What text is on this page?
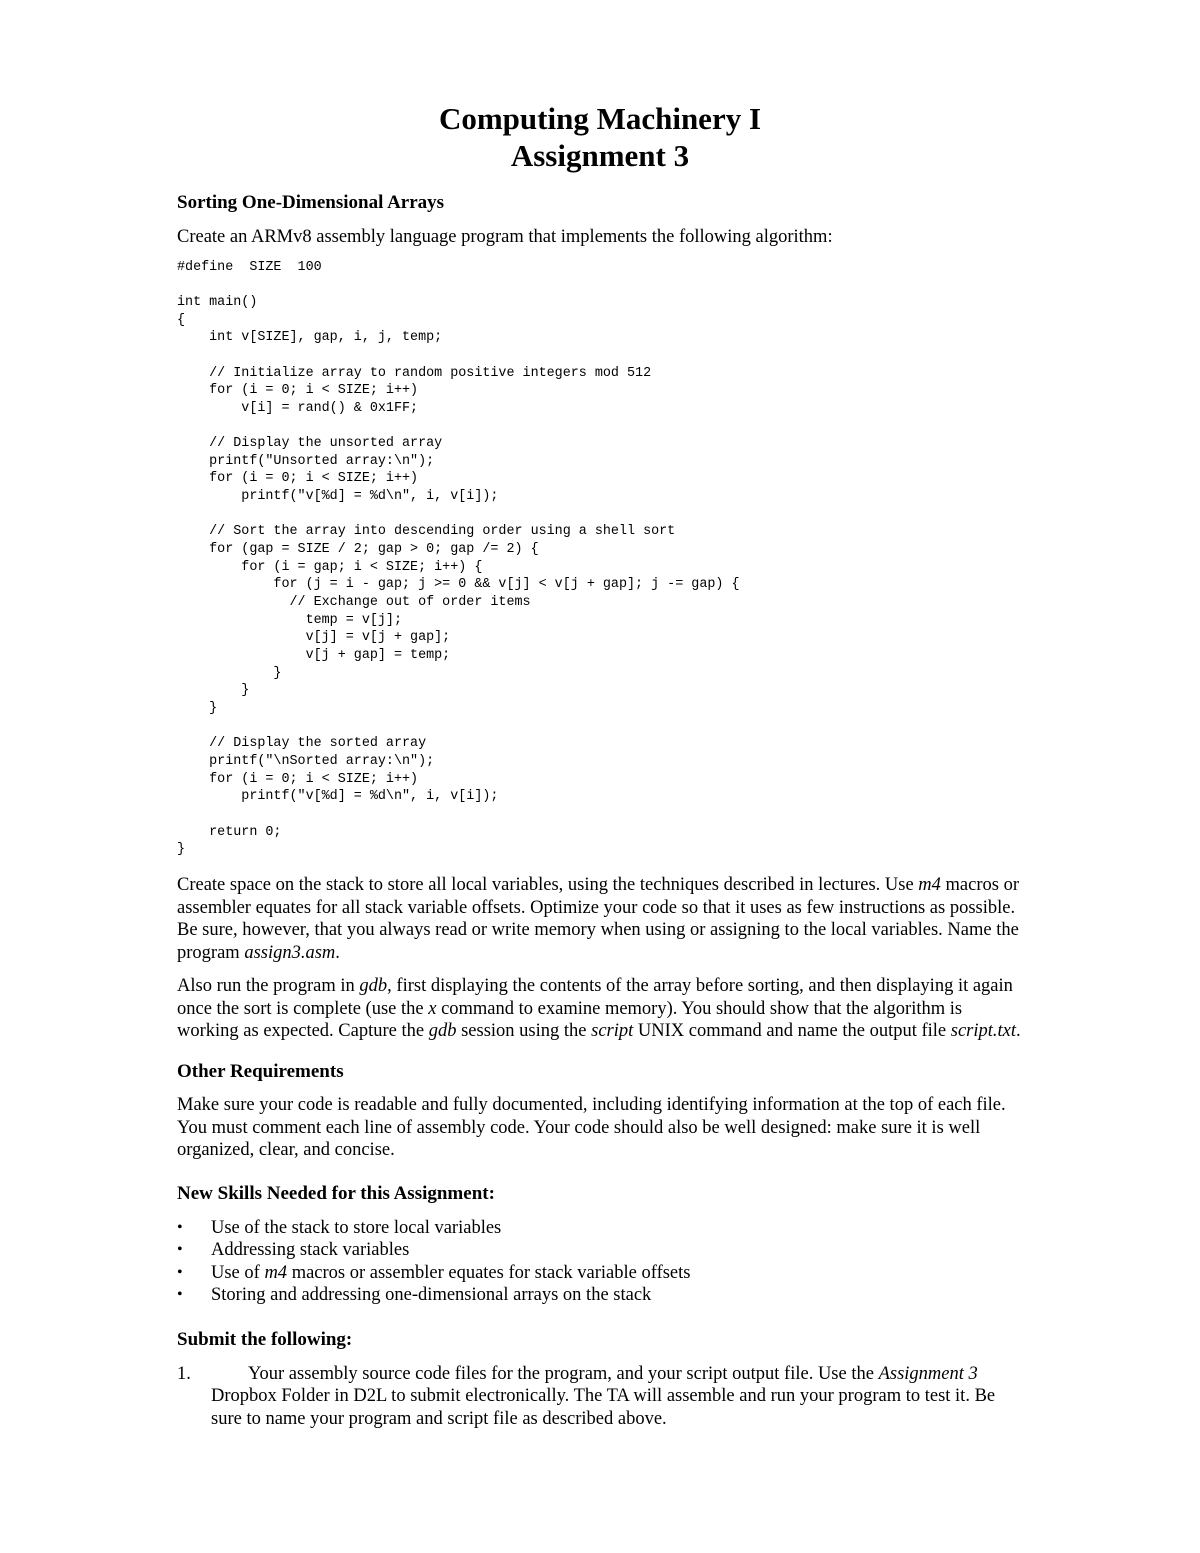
Computing Machinery I
Assignment 3
Sorting One-Dimensional Arrays

Create an ARMv8 assembly language program that implements the following algorithm:

#define  SIZE  100

int main()
{
int v[SIZE], gap, i, j, temp;

// Initialize array to random positive integers mod 512
for (i = 0; i < SIZE; i++)
v[i] = rand() & 0x1FF;

// Display the unsorted array
printf("Unsorted array:\n");
for (i = 0; i < SIZE; i++)
printf("v[%d] = %d\n", i, v[i]);

// Sort the array into descending order using a shell sort
for (gap = SIZE / 2; gap > 0; gap /= 2) {
for (i = gap; i < SIZE; i++) {
for (j = i - gap; j >= 0 && v[j] < v[j + gap]; j -= gap) {
// Exchange out of order items
temp = v[j];
v[j] = v[j + gap];
v[j + gap] = temp;
}
}
}

// Display the sorted array
printf("\nSorted array:\n");
for (i = 0; i < SIZE; i++)
printf("v[%d] = %d\n", i, v[i]);

return 0;
}

Create space on the stack to store all local variables, using the techniques described in lectures. Use m4 macros or assembler equates for all stack variable offsets. Optimize your code so that it uses as few instructions as possible. Be sure, however, that you always read or write memory when using or assigning to the local variables. Name the program assign3.asm.

Also run the program in gdb, first displaying the contents of the array before sorting, and then displaying it again once the sort is complete (use the x command to examine memory). You should show that the algorithm is working as expected. Capture the gdb session using the script UNIX command and name the output file script.txt.

Other Requirements

Make sure your code is readable and fully documented, including identifying information at the top of each file. You must comment each line of assembly code. Your code should also be well designed: make sure it is well organized, clear, and concise.

New Skills Needed for this Assignment:
•	Use of the stack to store local variables
•	Addressing stack variables
•	Use of m4 macros or assembler equates for stack variable offsets
•	Storing and addressing one-dimensional arrays on the stack
Submit the following:
1.	Your assembly source code files for the program, and your script output file. Use the Assignment 3 Dropbox Folder in D2L to submit electronically. The TA will assemble and run your program to test it. Be sure to name your program and script file as described above.
